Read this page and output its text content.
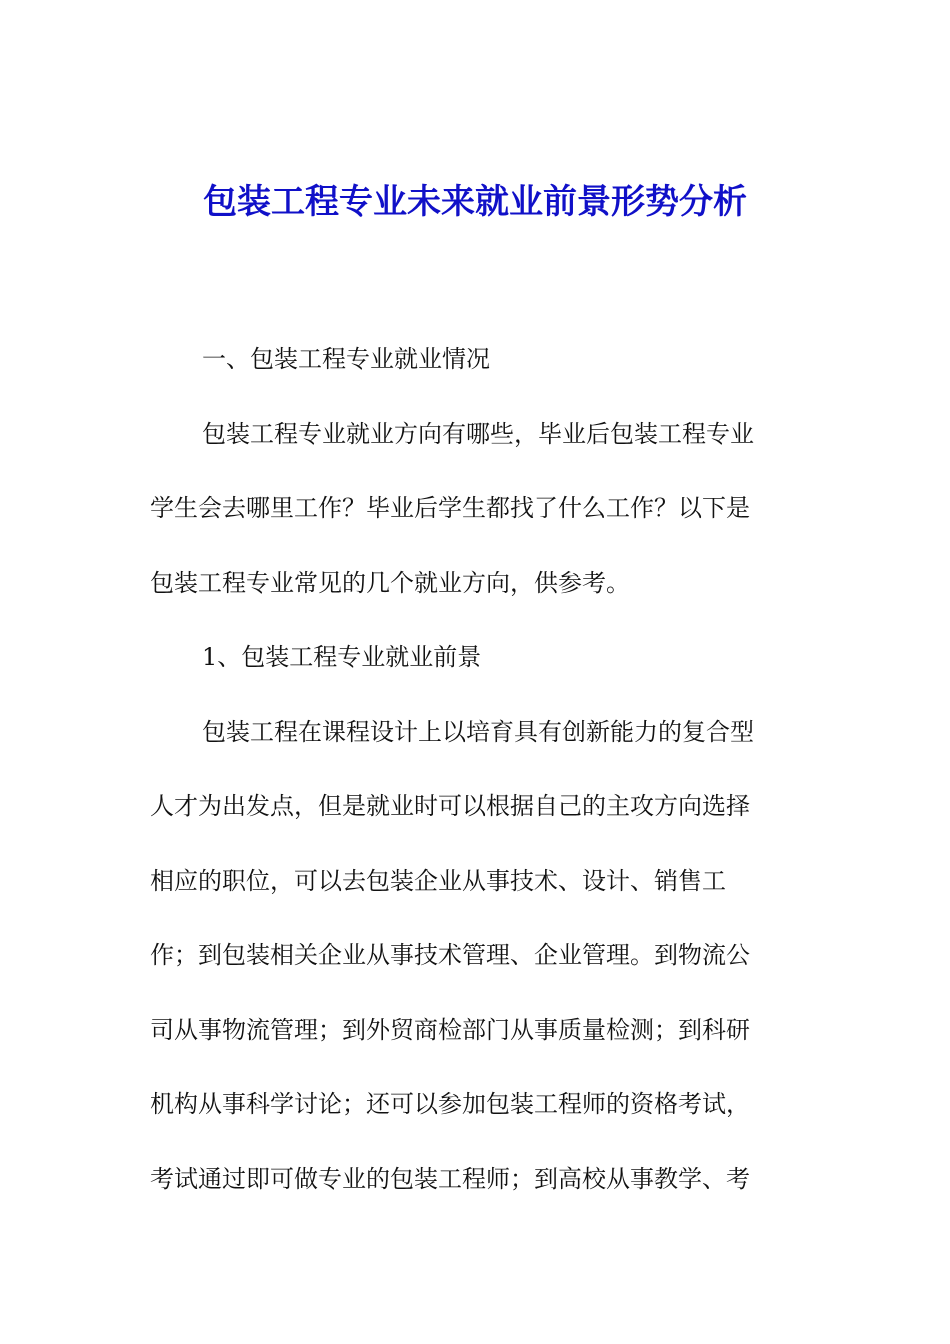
包装工程专业未来就业前景形势分析
一、包装工程专业就业情况
包装工程专业就业方向有哪些，毕业后包装工程专业
学生会去哪里工作？毕业后学生都找了什么工作？以下是
包装工程专业常见的几个就业方向，供参考。
1、包装工程专业就业前景
包装工程在课程设计上以培育具有创新能力的复合型
人才为出发点，但是就业时可以根据自己的主攻方向选择
相应的职位，可以去包装企业从事技术、设计、销售工
作；到包装相关企业从事技术管理、企业管理。到物流公
司从事物流管理；到外贸商检部门从事质量检测；到科研
机构从事科学讨论；还可以参加包装工程师的资格考试，
考试通过即可做专业的包装工程师；到高校从事教学、考
